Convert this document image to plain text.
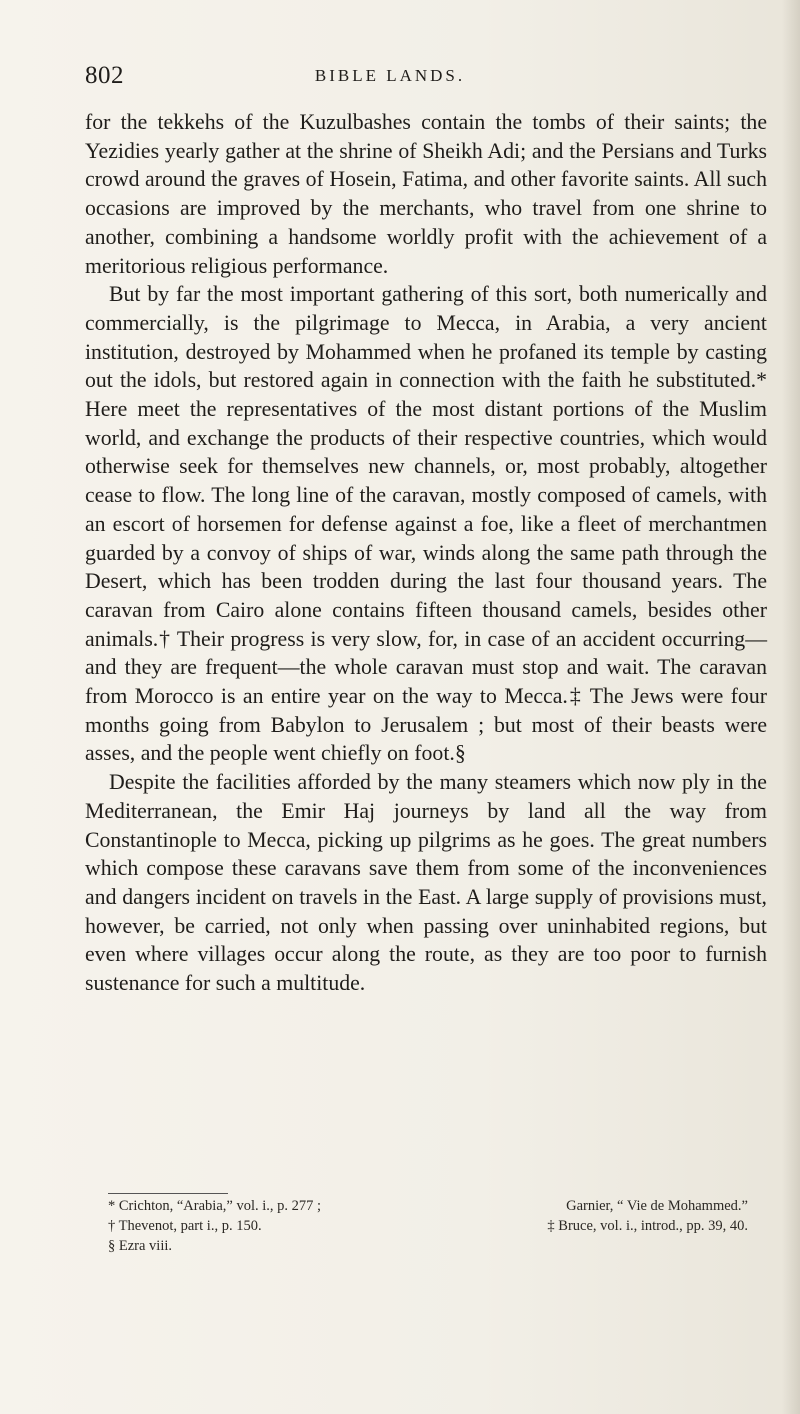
802	BIBLE LANDS.

for the tekkehs of the Kuzulbashes contain the tombs of their saints; the Yezidies yearly gather at the shrine of Sheikh Adi; and the Persians and Turks crowd around the graves of Hosein, Fatima, and other favorite saints. All such occasions are improved by the merchants, who travel from one shrine to another, combining a handsome worldly profit with the achievement of a meritorious religious performance.

But by far the most important gathering of this sort, both numerically and commercially, is the pilgrimage to Mecca, in Arabia, a very ancient institution, destroyed by Mohammed when he profaned its temple by casting out the idols, but restored again in connection with the faith he substituted.* Here meet the representatives of the most distant portions of the Muslim world, and exchange the products of their respective countries, which would otherwise seek for themselves new channels, or, most probably, altogether cease to flow. The long line of the caravan, mostly composed of camels, with an escort of horsemen for defense against a foe, like a fleet of merchantmen guarded by a convoy of ships of war, winds along the same path through the Desert, which has been trodden during the last four thousand years. The caravan from Cairo alone contains fifteen thousand camels, besides other animals.† Their progress is very slow, for, in case of an accident occurring—and they are frequent—the whole caravan must stop and wait. The caravan from Morocco is an entire year on the way to Mecca.‡ The Jews were four months going from Babylon to Jerusalem ; but most of their beasts were asses, and the people went chiefly on foot.§

Despite the facilities afforded by the many steamers which now ply in the Mediterranean, the Emir Haj journeys by land all the way from Constantinople to Mecca, picking up pilgrims as he goes. The great numbers which compose these caravans save them from some of the inconveniences and dangers incident on travels in the East. A large supply of provisions must, however, be carried, not only when passing over uninhabited regions, but even where villages occur along the route, as they are too poor to furnish sustenance for such a multitude.

* Crichton, “Arabia,” vol. i., p. 277 ;	Garnier, “ Vie de Mohammed.”
† Thevenot, part i., p. 150.	‡ Bruce, vol. i., introd., pp. 39, 40.
§ Ezra viii.
